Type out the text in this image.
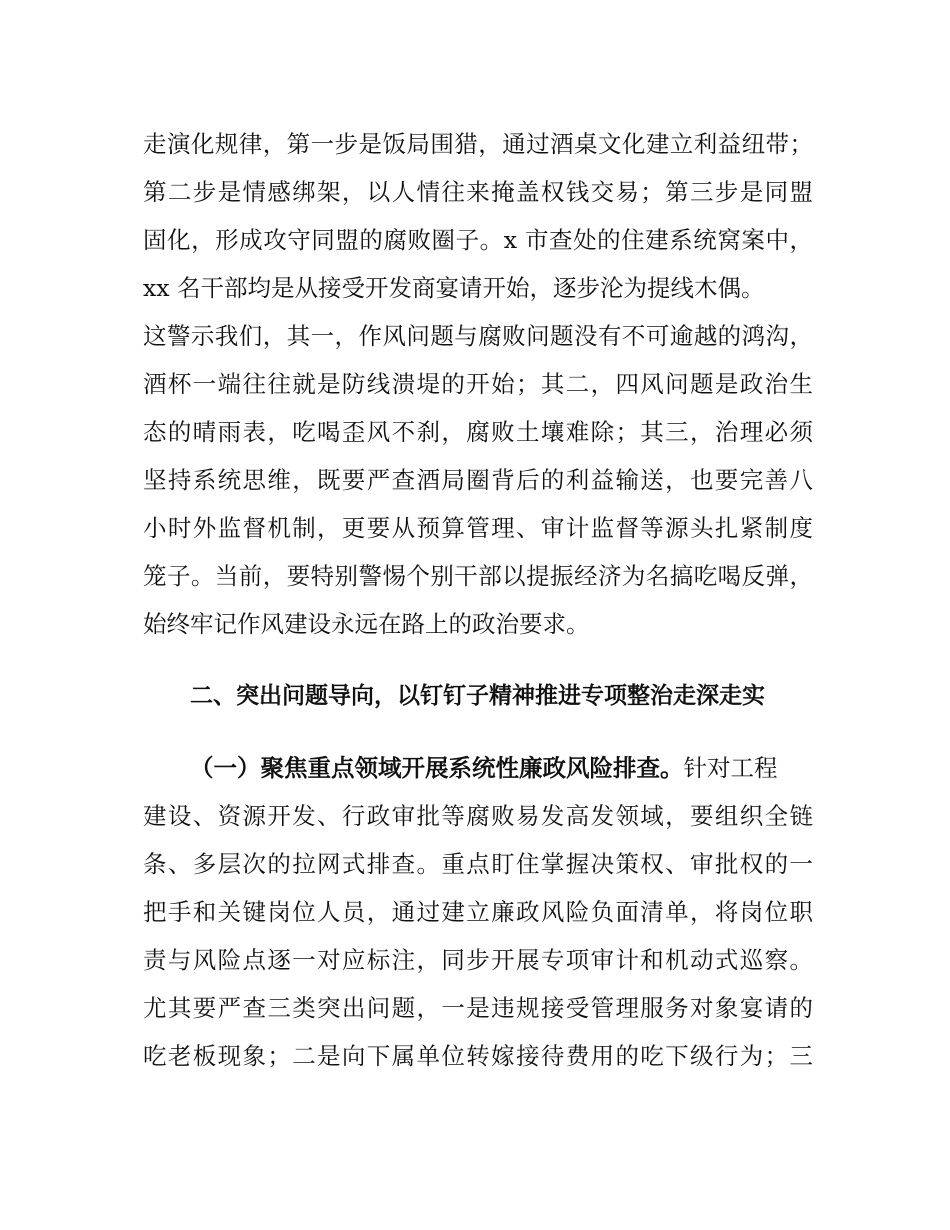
走演化规律，第一步是饭局围猎，通过酒桌文化建立利益纽带；
第二步是情感绑架，以人情往来掩盖权钱交易；第三步是同盟
固化，形成攻守同盟的腐败圈子。x 市查处的住建系统窝案中，
xx 名干部均是从接受开发商宴请开始，逐步沦为提线木偶。
这警示我们，其一，作风问题与腐败问题没有不可逾越的鸿沟，
酒杯一端往往就是防线溃堤的开始；其二，四风问题是政治生
态的晴雨表，吃喝歪风不刹，腐败土壤难除；其三，治理必须
坚持系统思维，既要严查酒局圈背后的利益输送，也要完善八
小时外监督机制，更要从预算管理、审计监督等源头扎紧制度
笼子。当前，要特别警惕个别干部以提振经济为名搞吃喝反弹，
始终牢记作风建设永远在路上的政治要求。
二、突出问题导向，以钉钉子精神推进专项整治走深走实
（一）聚焦重点领域开展系统性廉政风险排查。针对工程
建设、资源开发、行政审批等腐败易发高发领域，要组织全链
条、多层次的拉网式排查。重点盯住掌握决策权、审批权的一
把手和关键岗位人员，通过建立廉政风险负面清单，将岗位职
责与风险点逐一对应标注，同步开展专项审计和机动式巡察。
尤其要严查三类突出问题，一是违规接受管理服务对象宴请的
吃老板现象；二是向下属单位转嫁接待费用的吃下级行为；三
